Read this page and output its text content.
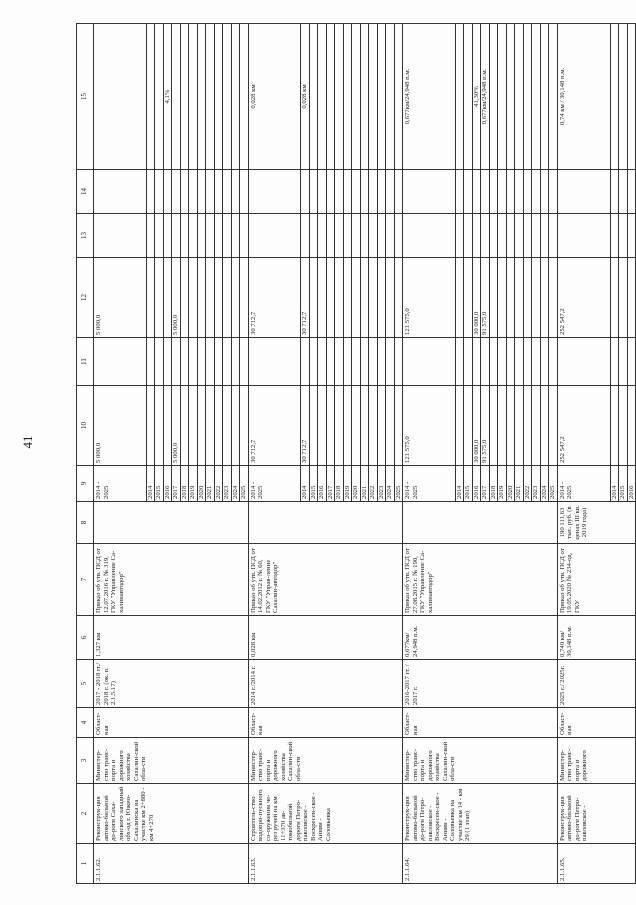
41
1	2	3	4	5	6	7	8	9	10	11	12	13	14	15
2.1.1.62.	Реконструк-ция автомо-бильной до-роги Саха-линского западный обх-од г. Южно-Сахалинска на участке км 2+880 - км 4+270	Министер-ство транс-порта и дорожного хозяйства Сахалин-ской обла-сти	Област-ная	2017 - 2018 гг./ 2018 г. (ок. п. 2.1.5.17)	1,327 км	Приказ об утв. ПСД от 12.07.2016 г. № 319, ГКУ "Управление Са-халинавтодор"		2014 - 2025	5 000,0		5 000,0			
								2014						
								2015						
								2016						4,1%
								2017	5 000,0		5 000,0			
								2018						
								2019						
								2020						
								2021						
								2022						
								2023						
								2024						
								2025						
2.1.1.63.	Строитель-ство водопро-пускного со-оружения че-рез ручей на км 11+370 ав-томобильной дороги Петро-павловское - Воскресен-ское - Аниви - Соловьевка	Министер-ство транс-порта и дорожного хозяйства Сахалин-ской обла-сти	Област-ная	2014 г./2014 г.	0,028 км	Приказ об утв. ПСД от 14.02.2012 г. № 60, ГКУ "Управ-ление Сахалин-автодор"		2014 - 2025	30 712,7		30 712,7			0,028 км
								2014	30 712,7		30 712,7			0,028 км
								2015						
								2016						
								2017						
								2018						
								2019						
								2020						
								2021						
								2022						
								2023						
								2024						
								2025						
2.1.1.64.	Реконструк-ция автомо-бильной до-роги Петро-павловское - Воскресен-ское - Аниви - Соловьевка на участке км 14 - км 29 (1 этап)	Министер-ство транс-порта и дорожного хозяйства Сахалин-ской обла-сти	Област-ная	2016-2017 гг. / 2017 г.	0,677км/ 24,948 п.м.	Приказ об утв. ПСД от 27.08.2015 г. № 190, ГКУ "Управление Са-халинавтодор"		2014 - 2025	121 575,0		121 575,0			0,677км/24,948 п.м.
								2014						
								2015						
								2016	30 000,0		30 000,0			41,30%
								2017	91 575,0		91 575,0			0,677км/24,948 п.м.
								2018						
								2019						
								2020						
								2021						
								2022						
								2023						
								2024						
								2025						
2.1.1.65.	Реконструк-ция автомо-бильной до-роги Петро-павловское -	Министер-ство транс-порта и дорожного	Област-ная	2025 г./ 2025г.	0,740 км/ 30,148 п.м.	Приказ об утв. ПСД от 19.05.2020 № 234-од, ГКУ	190 111,63 тыс. руб. (в ценах III кв. 2019 года)	2014 - 2025	252 547,2		252 547,2			0,74 км / 30,148 п.м.
								2014						
								2015						
								2016						
